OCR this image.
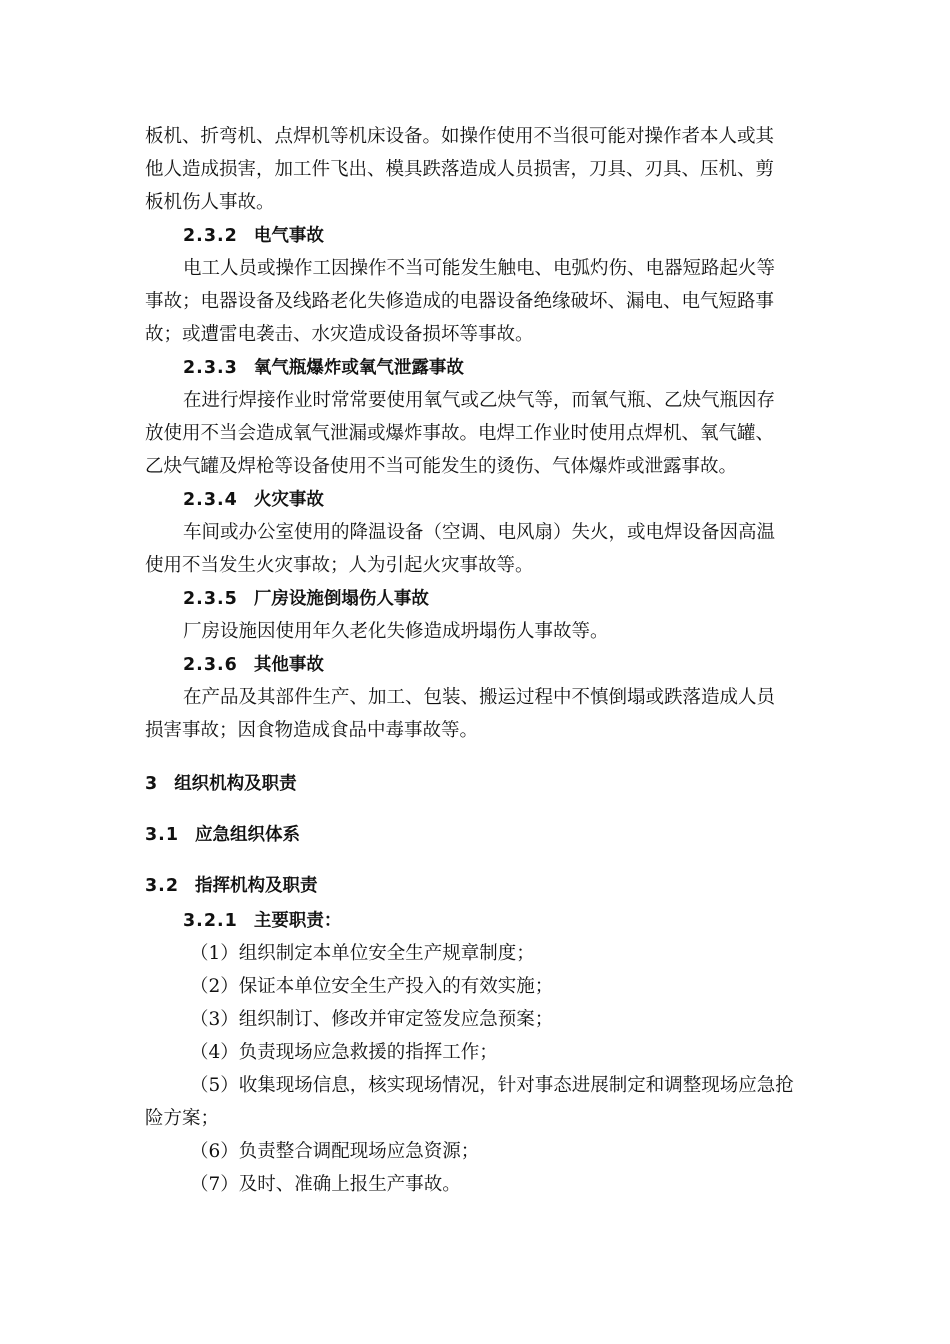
板机、折弯机、点焊机等机床设备。如操作使用不当很可能对操作者本人或其
他人造成损害，加工件飞出、模具跌落造成人员损害，刀具、刃具、压机、剪
板机伤人事故。
2.3.2 电气事故
电工人员或操作工因操作不当可能发生触电、电弧灼伤、电器短路起火等
事故；电器设备及线路老化失修造成的电器设备绝缘破坏、漏电、电气短路事
故；或遭雷电袭击、水灾造成设备损坏等事故。
2.3.3 氧气瓶爆炸或氧气泄露事故
在进行焊接作业时常常要使用氧气或乙炔气等，而氧气瓶、乙炔气瓶因存
放使用不当会造成氧气泄漏或爆炸事故。电焊工作业时使用点焊机、氧气罐、
乙炔气罐及焊枪等设备使用不当可能发生的烫伤、气体爆炸或泄露事故。
2.3.4 火灾事故
车间或办公室使用的降温设备（空调、电风扇）失火，或电焊设备因高温
使用不当发生火灾事故；人为引起火灾事故等。
2.3.5 厂房设施倒塌伤人事故
厂房设施因使用年久老化失修造成坍塌伤人事故等。
2.3.6 其他事故
在产品及其部件生产、加工、包装、搬运过程中不慎倒塌或跌落造成人员
损害事故；因食物造成食品中毒事故等。
3 组织机构及职责
3.1 应急组织体系
3.2 指挥机构及职责
3.2.1 主要职责：
（1）组织制定本单位安全生产规章制度；
（2）保证本单位安全生产投入的有效实施；
（3）组织制订、修改并审定签发应急预案；
（4）负责现场应急救援的指挥工作；
（5）收集现场信息，核实现场情况，针对事态进展制定和调整现场应急抢
险方案；
（6）负责整合调配现场应急资源；
（7）及时、准确上报生产事故。
